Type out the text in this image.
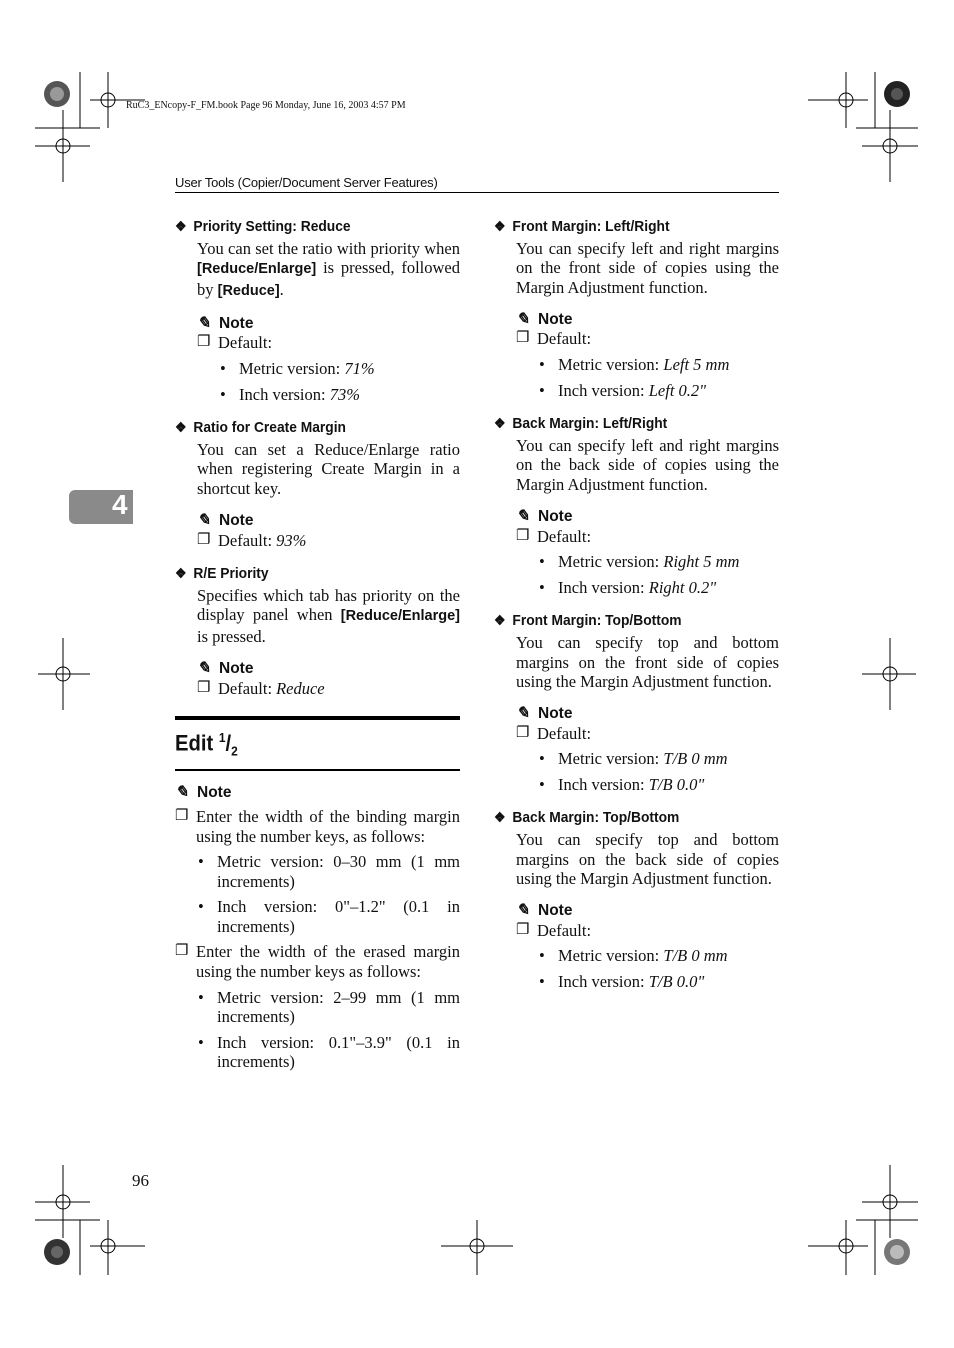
RuC3_ENcopy-F_FM.book Page 96 Monday, June 16, 2003 4:57 PM
User Tools (Copier/Document Server Features)
4
❖ Priority Setting: Reduce
You can set the ratio with priority when [Reduce/Enlarge] is pressed, followed by [Reduce].
✎ Note
❐ Default:
• Metric version: 71%
• Inch version: 73%
❖ Ratio for Create Margin
You can set a Reduce/Enlarge ratio when registering Create Margin in a shortcut key.
✎ Note
❐ Default: 93%
❖ R/E Priority
Specifies which tab has priority on the display panel when [Reduce/Enlarge] is pressed.
✎ Note
❐ Default: Reduce
Edit $^1/_2$
✎ Note
❐ Enter the width of the binding margin using the number keys, as follows:
• Metric version: 0–30 mm (1 mm increments)
• Inch version: 0"–1.2" (0.1 in increments)
❐ Enter the width of the erased margin using the number keys as follows:
• Metric version: 2–99 mm (1 mm increments)
• Inch version: 0.1"–3.9" (0.1 in increments)
❖ Front Margin: Left/Right
You can specify left and right margins on the front side of copies using the Margin Adjustment function.
✎ Note
❐ Default:
• Metric version: Left 5 mm
• Inch version: Left 0.2"
❖ Back Margin: Left/Right
You can specify left and right margins on the back side of copies using the Margin Adjustment function.
✎ Note
❐ Default:
• Metric version: Right 5 mm
• Inch version: Right 0.2"
❖ Front Margin: Top/Bottom
You can specify top and bottom margins on the front side of copies using the Margin Adjustment function.
✎ Note
❐ Default:
• Metric version: T/B 0 mm
• Inch version: T/B 0.0"
❖ Back Margin: Top/Bottom
You can specify top and bottom margins on the back side of copies using the Margin Adjustment function.
✎ Note
❐ Default:
• Metric version: T/B 0 mm
• Inch version: T/B 0.0"
96
